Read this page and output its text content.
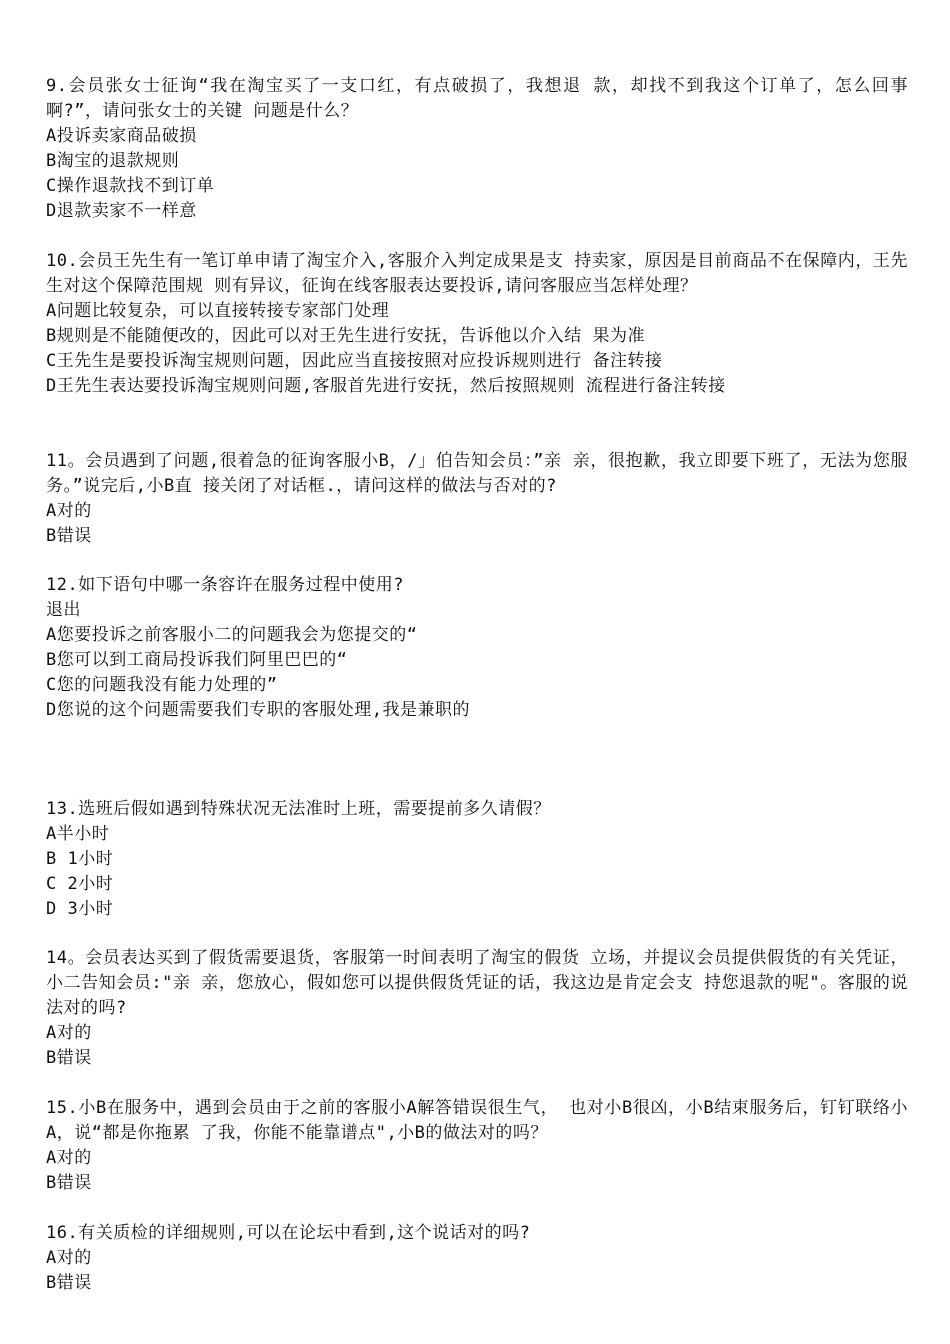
9.会员张女士征询“我在淘宝买了一支口红，有点破损了，我想退 款，却找不到我这个订单了，怎么回事啊?”，请问张女士的关键 问题是什么？

A投诉卖家商品破损

B淘宝的退款规则

C操作退款找不到订单

D退款卖家不一样意

10.会员王先生有一笔订单申请了淘宝介入,客服介入判定成果是支 持卖家，原因是目前商品不在保障内，王先生对这个保障范围规 则有异议，征询在线客服表达要投诉,请问客服应当怎样处理？

A问题比较复杂，可以直接转接专家部门处理

B规则是不能随便改的，因此可以对王先生进行安抚，告诉他以介入结 果为准

C王先生是要投诉淘宝规则问题，因此应当直接按照对应投诉规则进行 备注转接

D王先生表达要投诉淘宝规则问题,客服首先进行安抚，然后按照规则 流程进行备注转接

11。会员遇到了问题,很着急的征询客服小B，/」伯告知会员：”亲 亲，很抱歉，我立即要下班了，无法为您服务。”说完后,小B直 接关闭了对话框.，请问这样的做法与否对的?

A对的

B错误

12.如下语句中哪一条容许在服务过程中使用?

退出

A您要投诉之前客服小二的问题我会为您提交的“

B您可以到工商局投诉我们阿里巴巴的“

C您的问题我没有能力处理的”

D您说的这个问题需要我们专职的客服处理,我是兼职的

13.选班后假如遇到特殊状况无法准时上班，需要提前多久请假？

A半小时

B 1小时

C 2小时

D 3小时

14。会员表达买到了假货需要退货，客服第一时间表明了淘宝的假货 立场，并提议会员提供假货的有关凭证，小二告知会员:"亲 亲，您放心，假如您可以提供假货凭证的话，我这边是肯定会支 持您退款的呢"。客服的说法对的吗?

A对的

B错误

15.小B在服务中，遇到会员由于之前的客服小A解答错误很生气， 也对小B很凶，小B结束服务后，钉钉联络小A，说“都是你拖累 了我，你能不能靠谱点",小B的做法对的吗？

A对的

B错误

16.有关质检的详细规则,可以在论坛中看到,这个说话对的吗?

A对的

B错误
